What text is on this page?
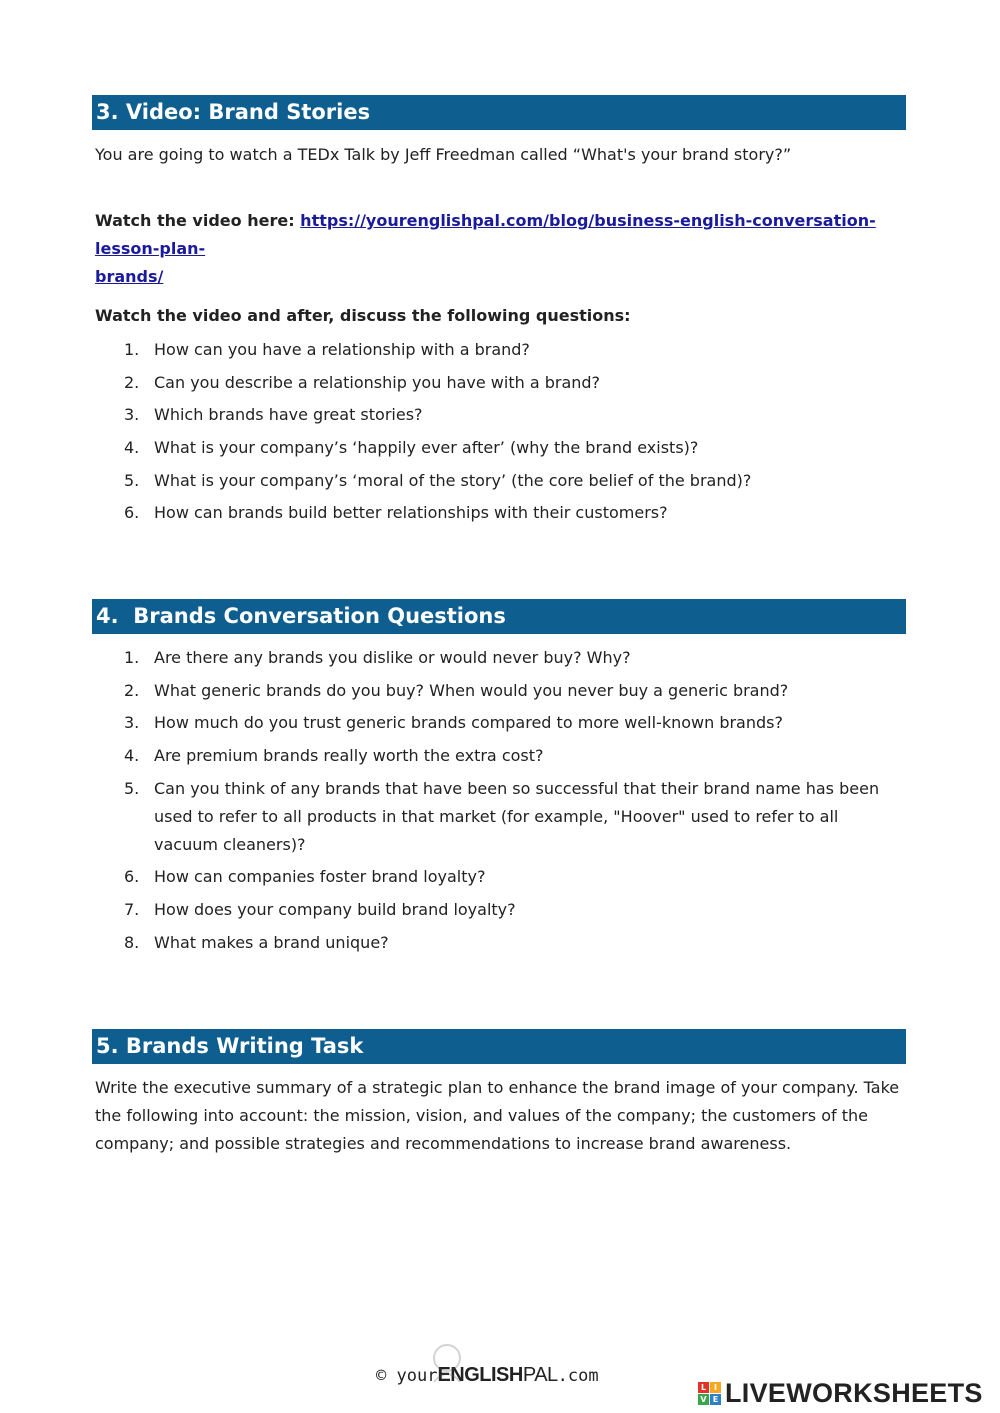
3. Video: Brand Stories
You are going to watch a TEDx Talk by Jeff Freedman called “What's your brand story?”
Watch the video here: https://yourenglishpal.com/blog/business-english-conversation-lesson-plan-
brands/
Watch the video and after, discuss the following questions:
1. How can you have a relationship with a brand?
2. Can you describe a relationship you have with a brand?
3. Which brands have great stories?
4. What is your company’s ‘happily ever after’ (why the brand exists)?
5. What is your company’s ‘moral of the story’ (the core belief of the brand)?
6. How can brands build better relationships with their customers?
4.  Brands Conversation Questions
1. Are there any brands you dislike or would never buy? Why?
2. What generic brands do you buy? When would you never buy a generic brand?
3. How much do you trust generic brands compared to more well-known brands?
4. Are premium brands really worth the extra cost?
5. Can you think of any brands that have been so successful that their brand name has been used to refer to all products in that market (for example, "Hoover" used to refer to all vacuum cleaners)?
6. How can companies foster brand loyalty?
7. How does your company build brand loyalty?
8. What makes a brand unique?
5. Brands Writing Task
Write the executive summary of a strategic plan to enhance the brand image of your company. Take the following into account: the mission, vision, and values of the company; the customers of the company; and possible strategies and recommendations to increase brand awareness.
© yourENGLISHPAL.com
L I
V E LIVEWORKSHEETS
